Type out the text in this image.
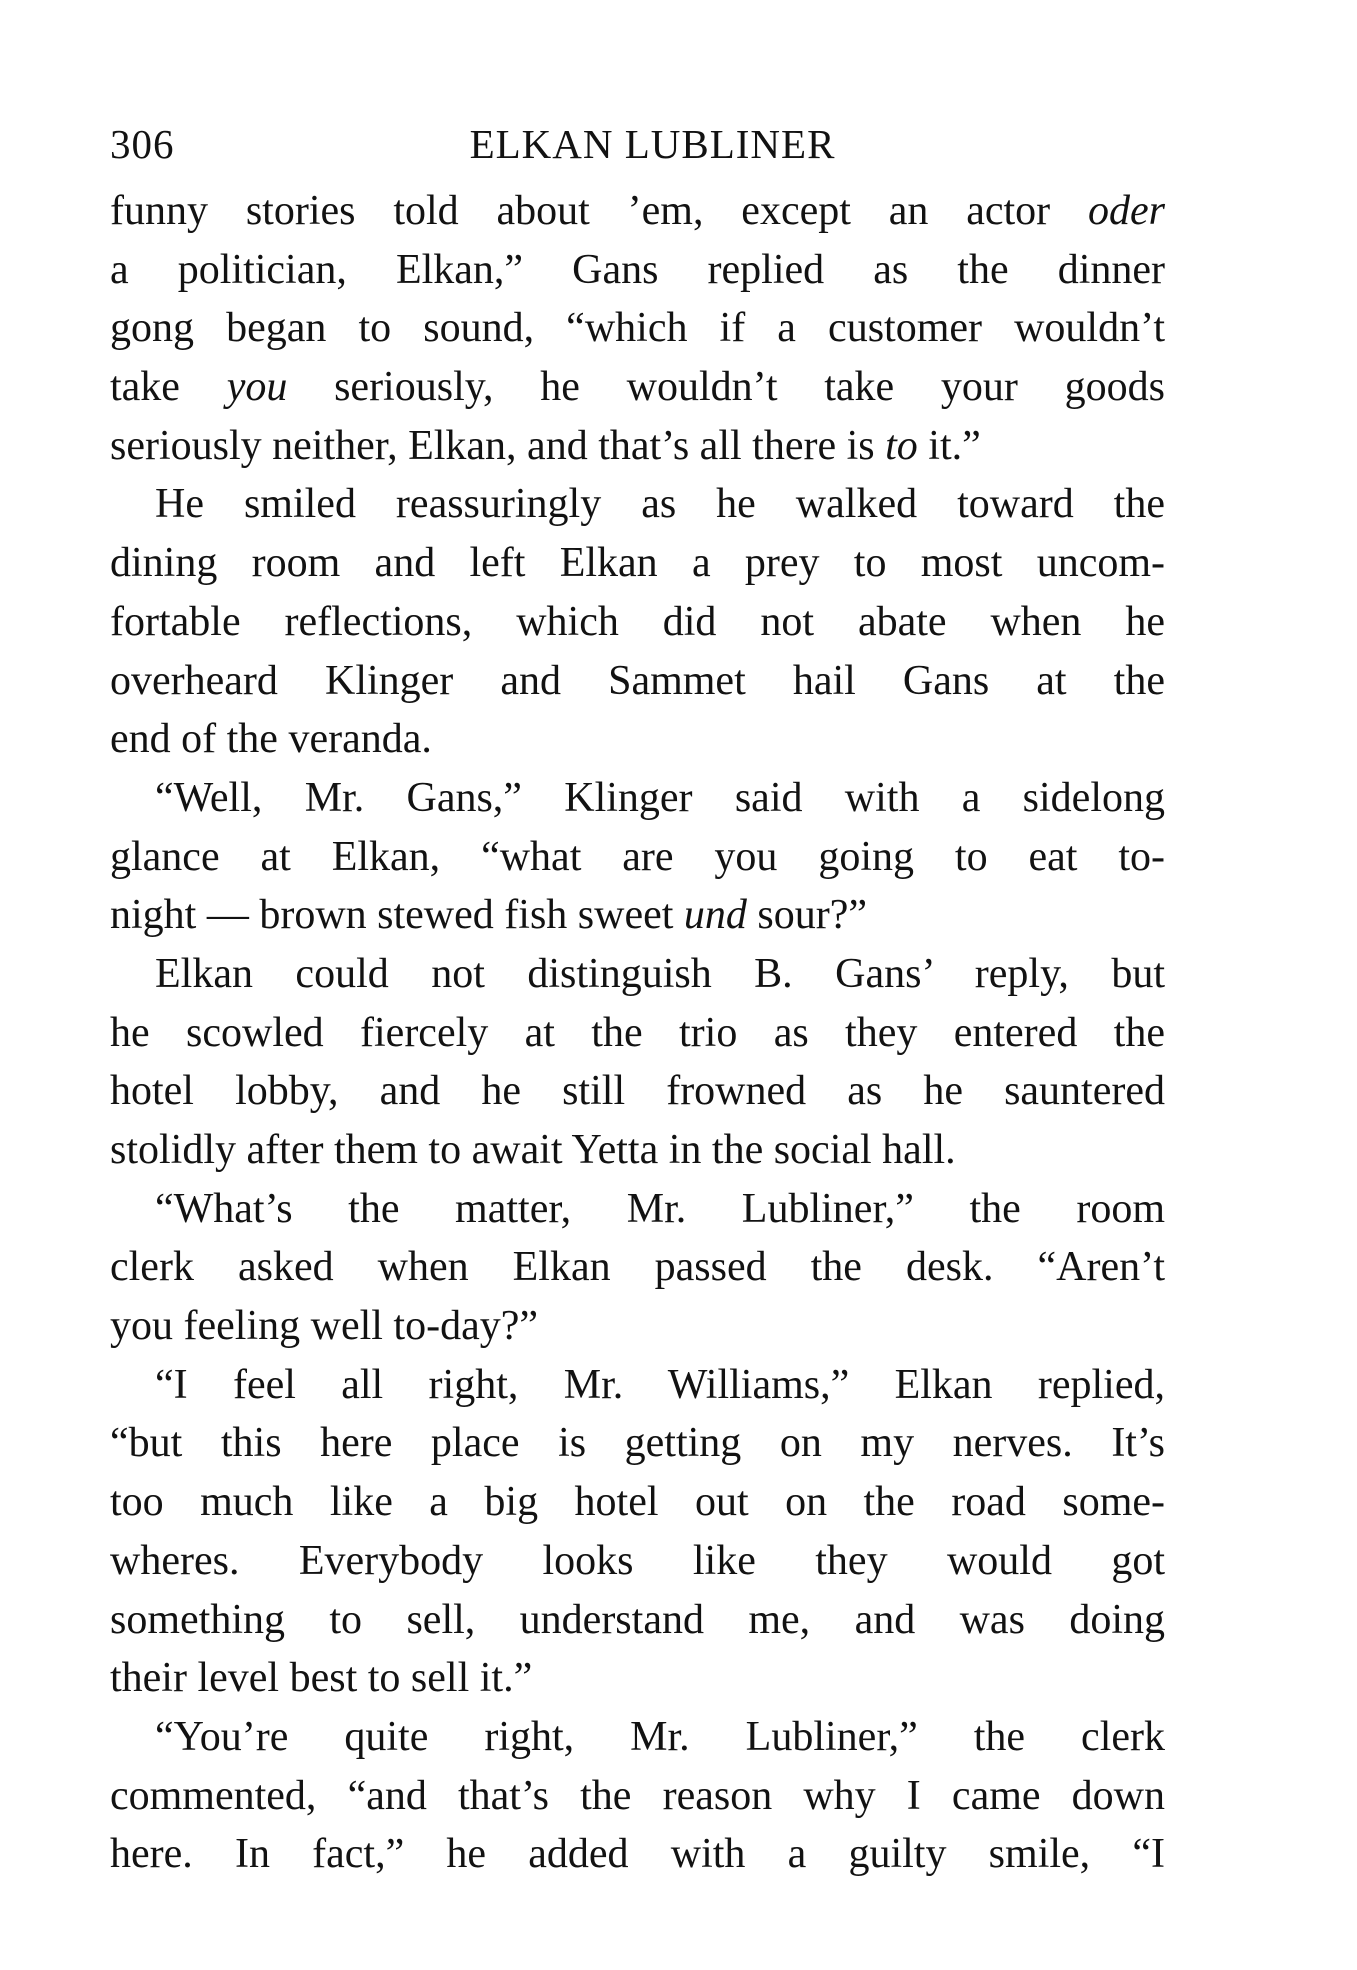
306	ELKAN LUBLINER
funny stories told about ’em, except an actor oder
a politician, Elkan,” Gans replied as the dinner
gong began to sound, “which if a customer wouldn’t
take you seriously, he wouldn’t take your goods
seriously neither, Elkan, and that’s all there is to it.”
He smiled reassuringly as he walked toward the
dining room and left Elkan a prey to most uncom-
fortable reflections, which did not abate when he
overheard Klinger and Sammet hail Gans at the
end of the veranda.
“Well, Mr. Gans,” Klinger said with a sidelong
glance at Elkan, “what are you going to eat to-
night — brown stewed fish sweet und sour?”
Elkan could not distinguish B. Gans’ reply, but
he scowled fiercely at the trio as they entered the
hotel lobby, and he still frowned as he sauntered
stolidly after them to await Yetta in the social hall.
“What’s the matter, Mr. Lubliner,” the room
clerk asked when Elkan passed the desk. “Aren’t
you feeling well to-day?”
“I feel all right, Mr. Williams,” Elkan replied,
“but this here place is getting on my nerves. It’s
too much like a big hotel out on the road some-
wheres. Everybody looks like they would got
something to sell, understand me, and was doing
their level best to sell it.”
“You’re quite right, Mr. Lubliner,” the clerk
commented, “and that’s the reason why I came down
here. In fact,” he added with a guilty smile, “I
